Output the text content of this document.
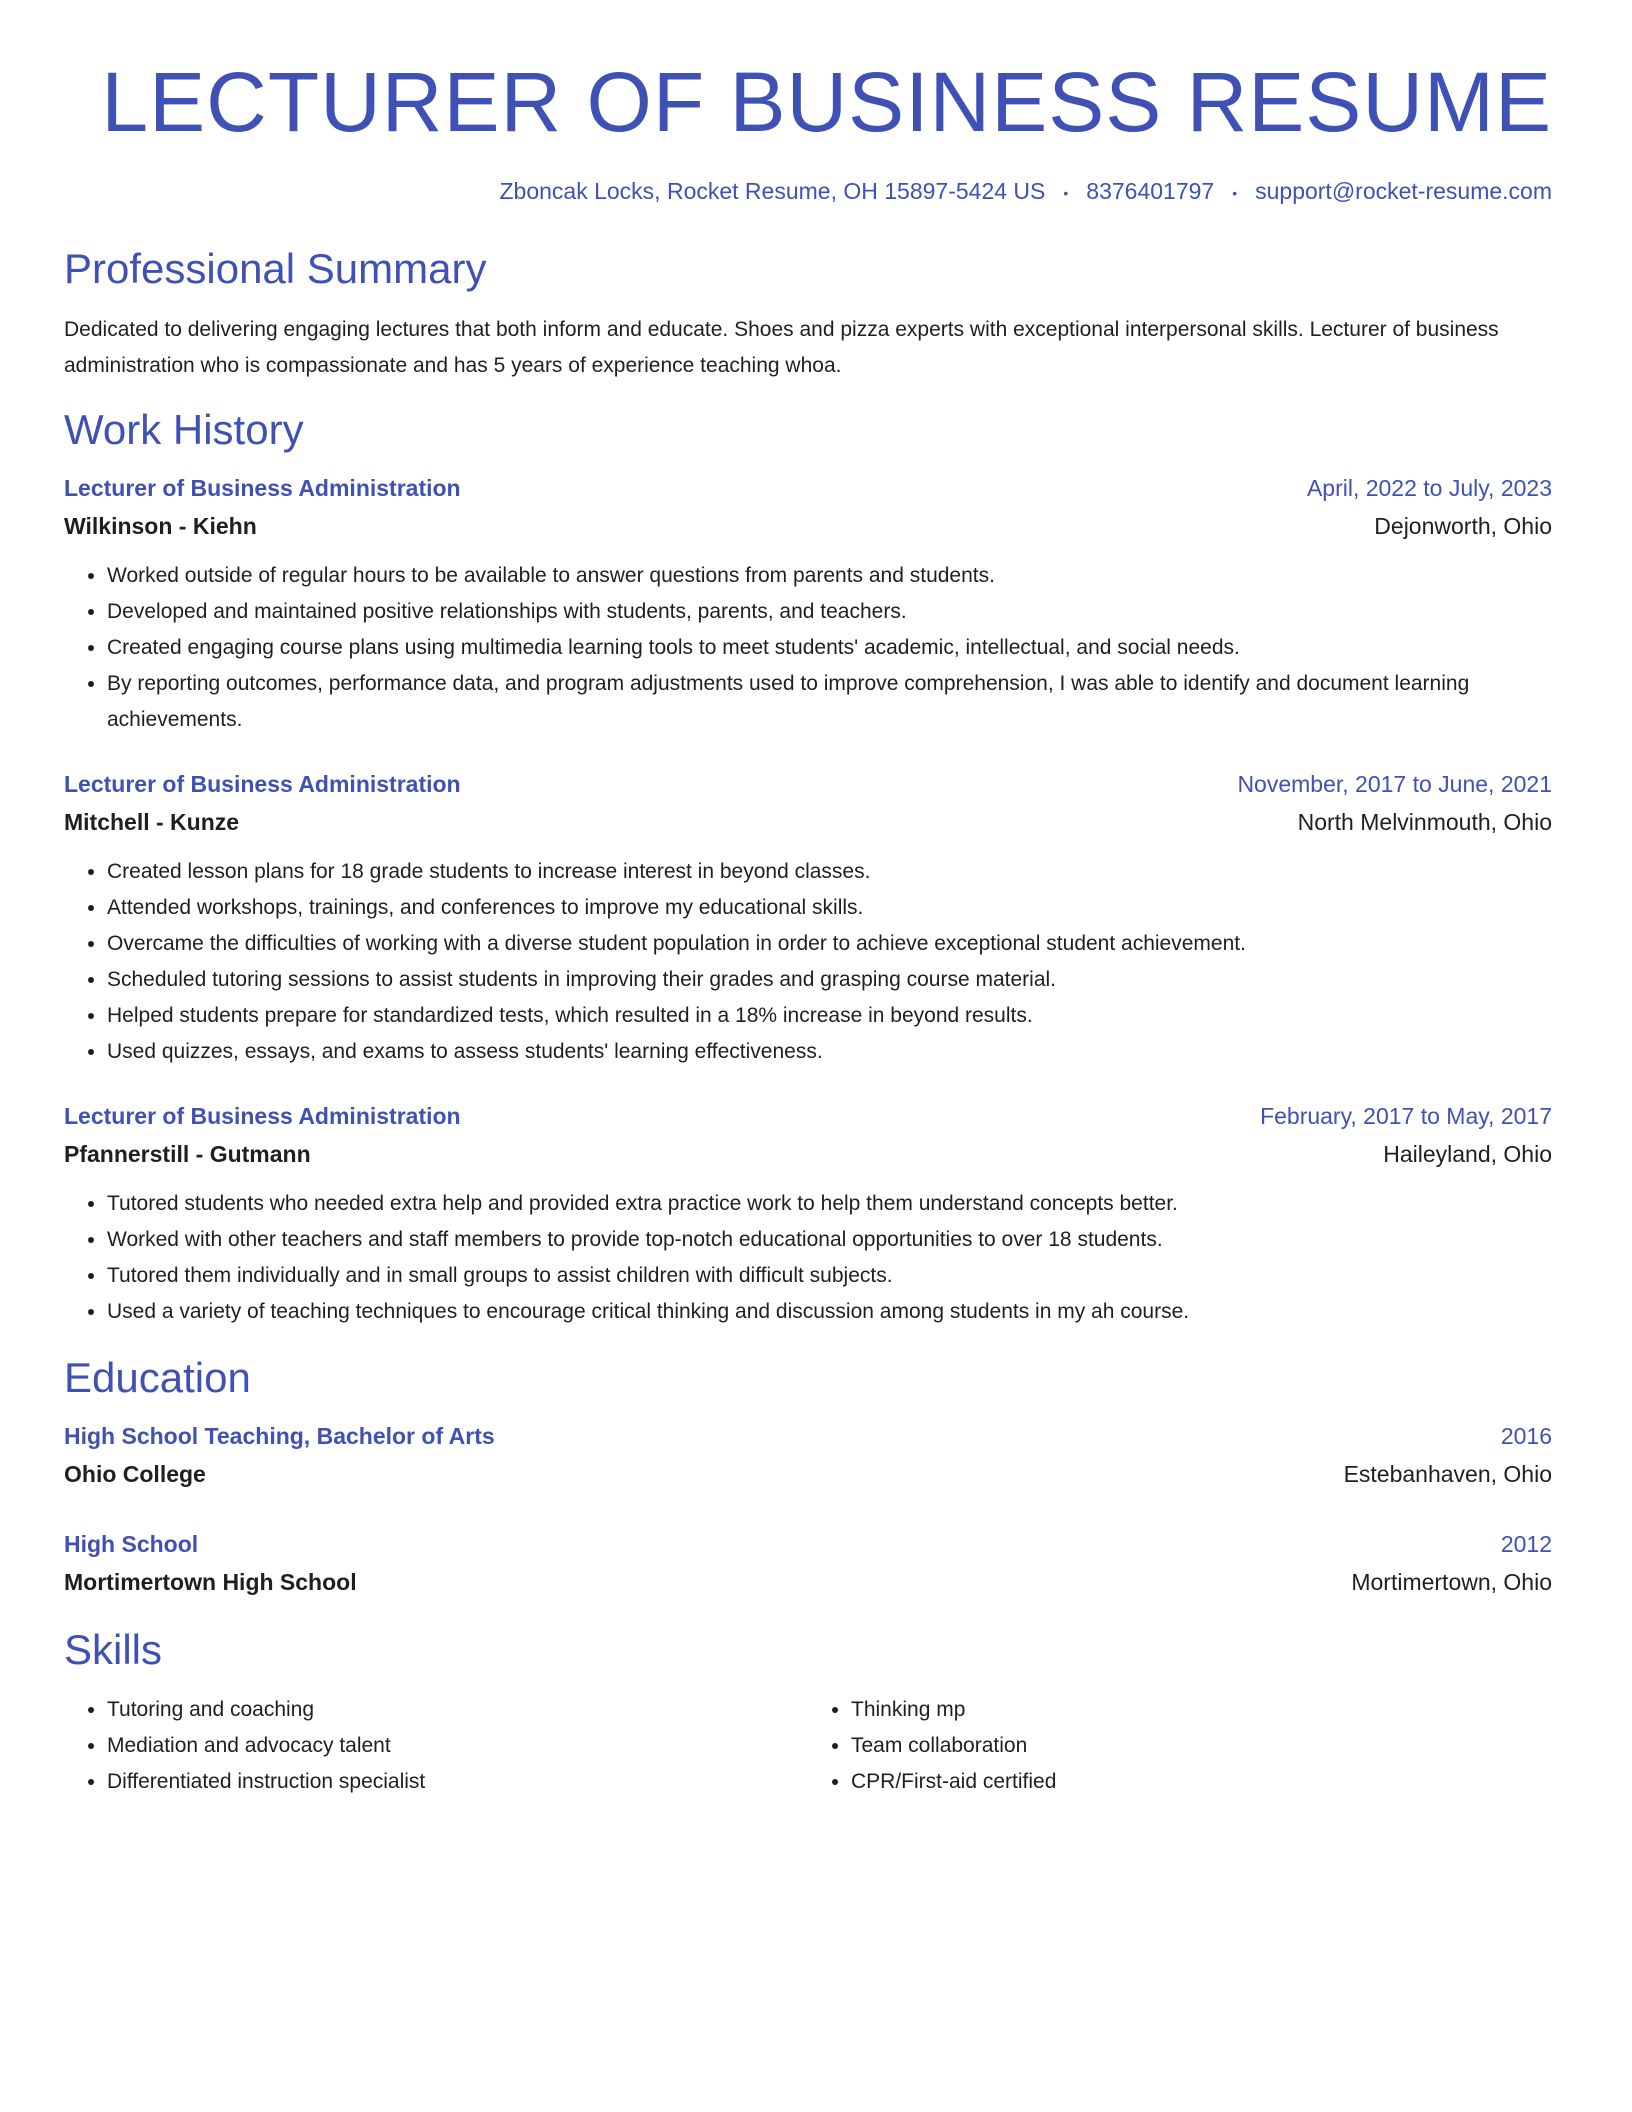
LECTURER OF BUSINESS RESUME
Zboncak Locks, Rocket Resume, OH 15897-5424 US • 8376401797 • support@rocket-resume.com
Professional Summary

Dedicated to delivering engaging lectures that both inform and educate. Shoes and pizza experts with exceptional interpersonal skills. Lecturer of business administration who is compassionate and has 5 years of experience teaching whoa.

Work History
Lecturer of Business Administration	April, 2022 to July, 2023
Wilkinson - Kiehn	Dejonworth, Ohio
• Worked outside of regular hours to be available to answer questions from parents and students.
• Developed and maintained positive relationships with students, parents, and teachers.
• Created engaging course plans using multimedia learning tools to meet students' academic, intellectual, and social needs.
• By reporting outcomes, performance data, and program adjustments used to improve comprehension, I was able to identify and document learning achievements.
Lecturer of Business Administration	November, 2017 to June, 2021
Mitchell - Kunze	North Melvinmouth, Ohio
• Created lesson plans for 18 grade students to increase interest in beyond classes.
• Attended workshops, trainings, and conferences to improve my educational skills.
• Overcame the difficulties of working with a diverse student population in order to achieve exceptional student achievement.
• Scheduled tutoring sessions to assist students in improving their grades and grasping course material.
• Helped students prepare for standardized tests, which resulted in a 18% increase in beyond results.
• Used quizzes, essays, and exams to assess students' learning effectiveness.
Lecturer of Business Administration	February, 2017 to May, 2017
Pfannerstill - Gutmann	Haileyland, Ohio
• Tutored students who needed extra help and provided extra practice work to help them understand concepts better.
• Worked with other teachers and staff members to provide top-notch educational opportunities to over 18 students.
• Tutored them individually and in small groups to assist children with difficult subjects.
• Used a variety of teaching techniques to encourage critical thinking and discussion among students in my ah course.
Education
High School Teaching, Bachelor of Arts	2016
Ohio College	Estebanhaven, Ohio
High School	2012
Mortimertown High School	Mortimertown, Ohio
Skills
• Tutoring and coaching
• Mediation and advocacy talent
• Differentiated instruction specialist
• Thinking mp
• Team collaboration
• CPR/First-aid certified
